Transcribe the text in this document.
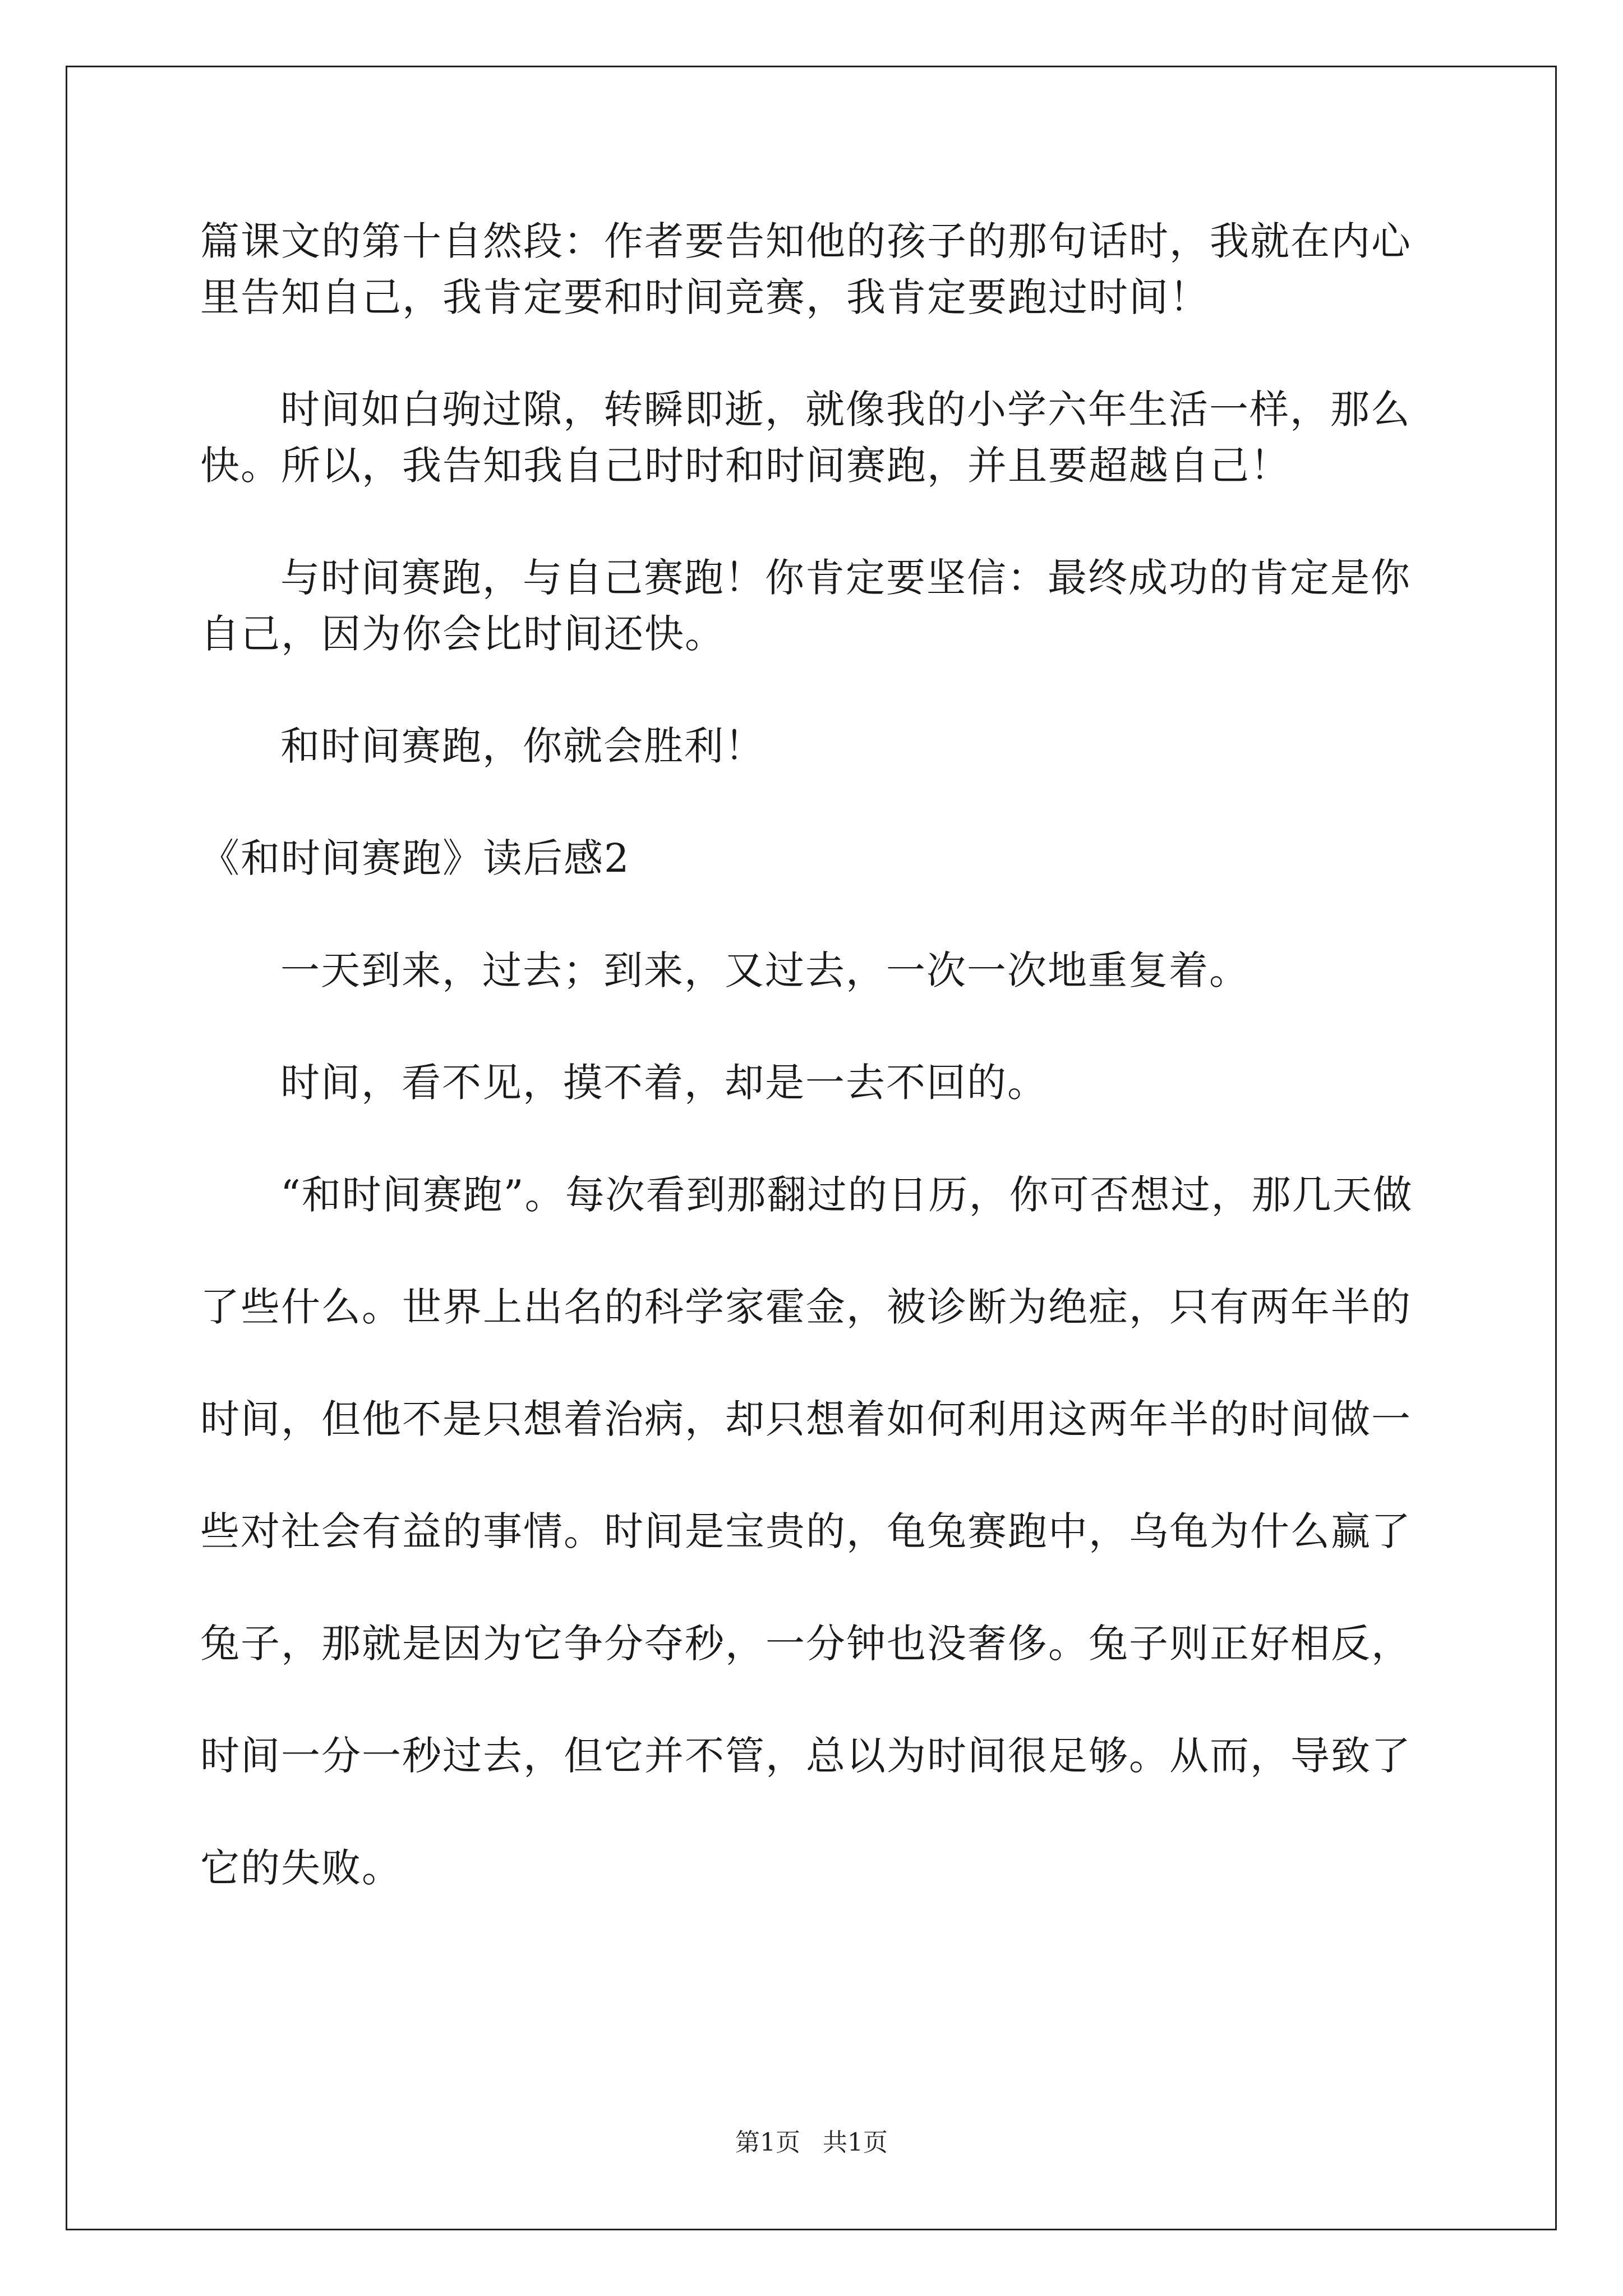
篇课文的第十自然段：作者要告知他的孩子的那句话时，我就在内心

里告知自己，我肯定要和时间竞赛，我肯定要跑过时间！

时间如白驹过隙，转瞬即逝，就像我的小学六年生活一样，那么

快。所以，我告知我自己时时和时间赛跑，并且要超越自己！

与时间赛跑，与自己赛跑！你肯定要坚信：最终成功的肯定是你

自己，因为你会比时间还快。

和时间赛跑，你就会胜利！

《和时间赛跑》读后感2

一天到来，过去；到来，又过去，一次一次地重复着。

时间，看不见，摸不着，却是一去不回的。

“和时间赛跑”。每次看到那翻过的日历，你可否想过，那几天做

了些什么。世界上出名的科学家霍金，被诊断为绝症，只有两年半的

时间，但他不是只想着治病，却只想着如何利用这两年半的时间做一

些对社会有益的事情。时间是宝贵的，龟兔赛跑中，乌龟为什么赢了

兔子，那就是因为它争分夺秒，一分钟也没奢侈。兔子则正好相反，

时间一分一秒过去，但它并不管，总以为时间很足够。从而，导致了

它的失败。

第1页 共1页
